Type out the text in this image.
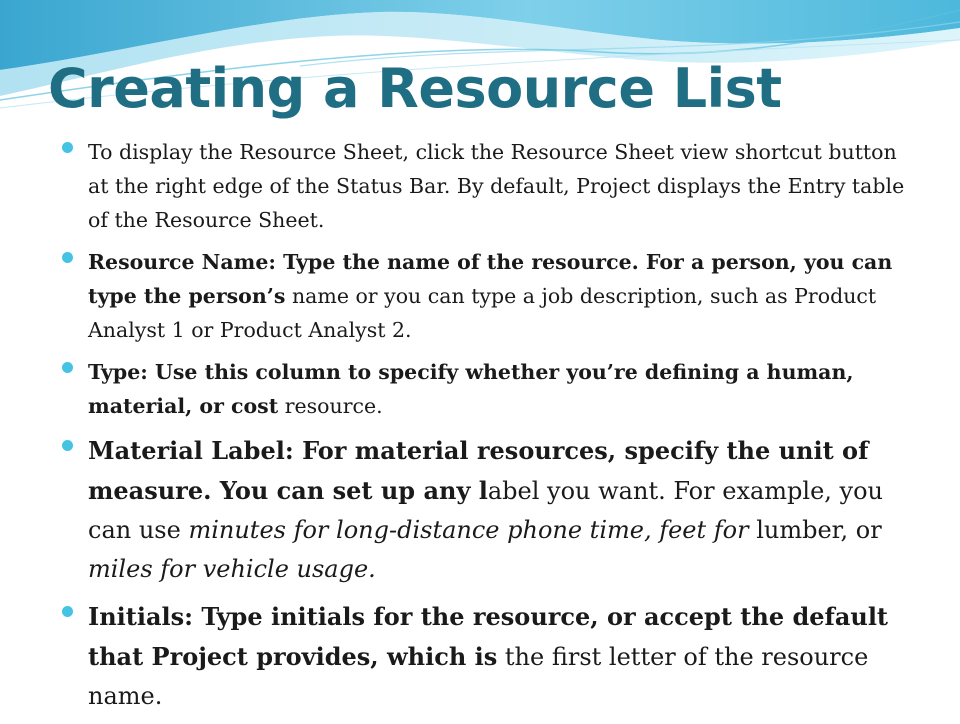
Creating a Resource List
To display the Resource Sheet, click the Resource Sheet view shortcut button at the right edge of the Status Bar. By default, Project displays the Entry table of the Resource Sheet.
Resource Name: Type the name of the resource. For a person, you can type the person’s name or you can type a job description, such as Product Analyst 1 or Product Analyst 2.
Type: Use this column to specify whether you’re defining a human, material, or cost resource.
Material Label: For material resources, specify the unit of measure. You can set up any label you want. For example, you can use minutes for long-distance phone time, feet for lumber, or miles for vehicle usage.
Initials: Type initials for the resource, or accept the default that Project provides, which is the first letter of the resource name.
